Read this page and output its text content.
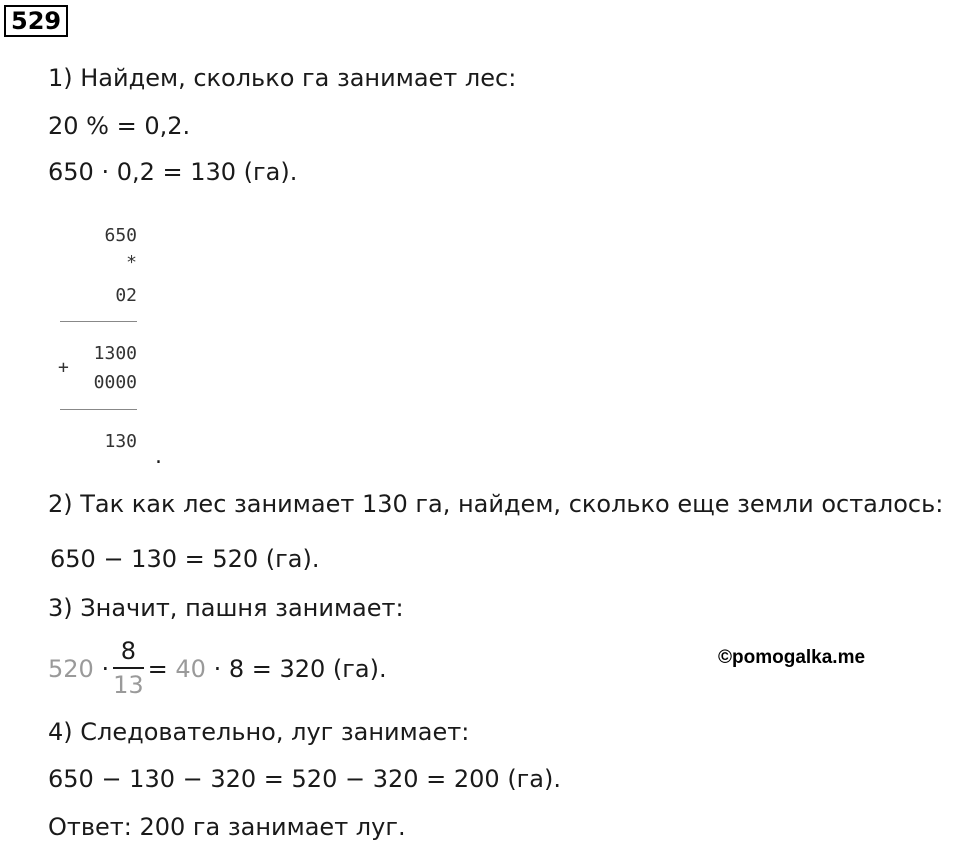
529
1) Найдем, сколько га занимает лес:
20 % = 0,2.
650 · 0,2 = 130 (га).
650
*
02
1300
+
0000
130
.
2) Так как лес занимает 130 га, найдем, сколько еще земли осталось:
650 − 130 = 520 (га).
3) Значит, пашня занимает:
$520 \cdot \frac{8}{13} = 40 \cdot 8 = 320$ (га).	©pomogalka.me
4) Следовательно, луг занимает:
650 − 130 − 320 = 520 − 320 = 200 (га).
Ответ: 200 га занимает луг.
